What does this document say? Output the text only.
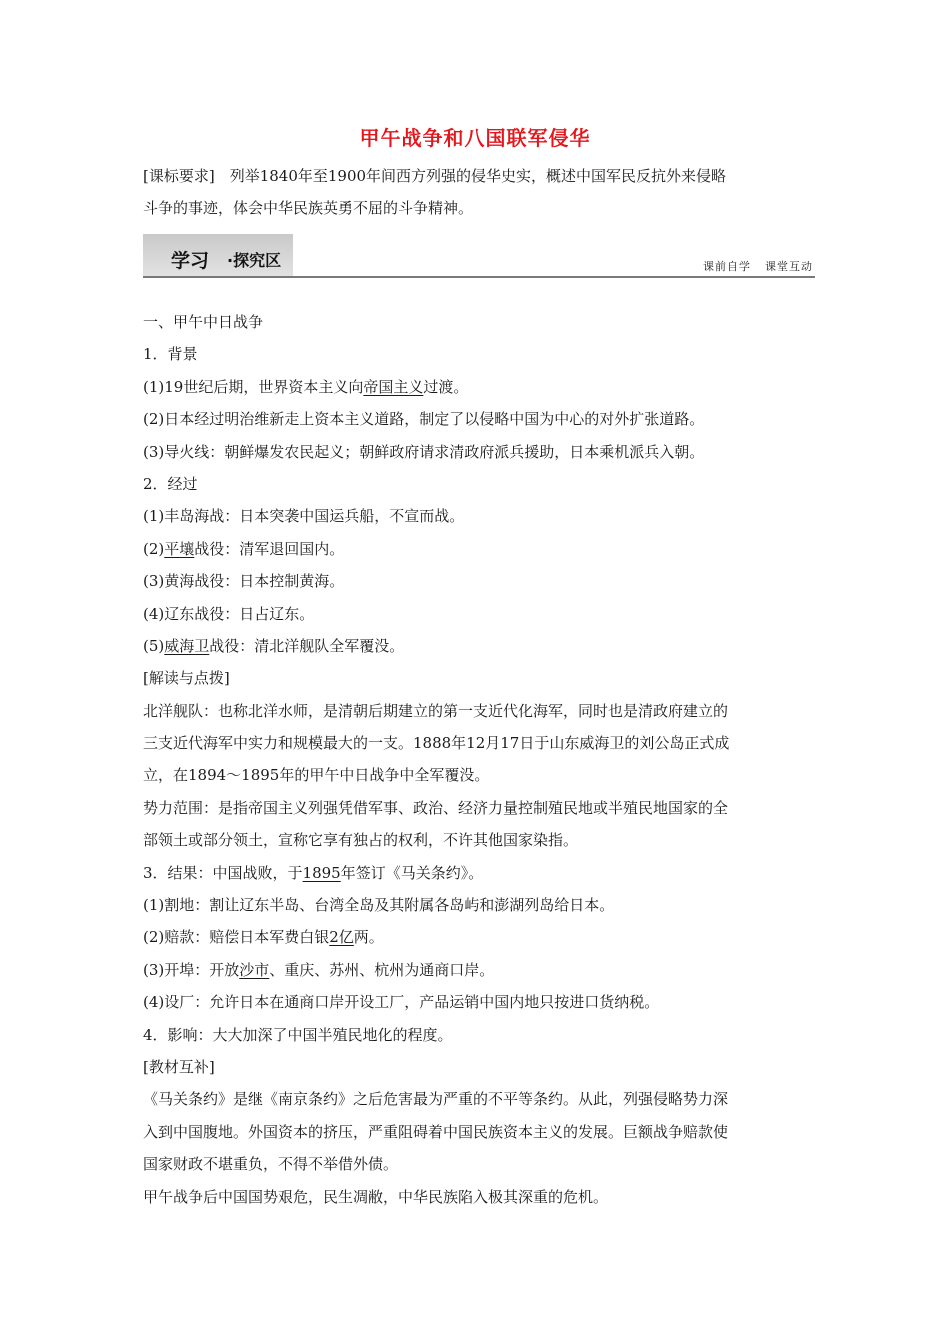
甲午战争和八国联军侵华
[课标要求]　列举1840年至1900年间西方列强的侵华史实，概述中国军民反抗外来侵略
斗争的事迹，体会中华民族英勇不屈的斗争精神。
学习 ·探究区	课前自学 课堂互动
一、甲午中日战争
1．背景
(1)19世纪后期，世界资本主义向帝国主义过渡。
(2)日本经过明治维新走上资本主义道路，制定了以侵略中国为中心的对外扩张道路。
(3)导火线：朝鲜爆发农民起义；朝鲜政府请求清政府派兵援助，日本乘机派兵入朝。
2．经过
(1)丰岛海战：日本突袭中国运兵船，不宣而战。
(2)平壤战役：清军退回国内。
(3)黄海战役：日本控制黄海。
(4)辽东战役：日占辽东。
(5)威海卫战役：清北洋舰队全军覆没。
[解读与点拨]
北洋舰队：也称北洋水师，是清朝后期建立的第一支近代化海军，同时也是清政府建立的
三支近代海军中实力和规模最大的一支。1888年12月17日于山东威海卫的刘公岛正式成
立，在1894～1895年的甲午中日战争中全军覆没。
势力范围：是指帝国主义列强凭借军事、政治、经济力量控制殖民地或半殖民地国家的全
部领土或部分领土，宣称它享有独占的权利，不许其他国家染指。
3．结果：中国战败，于1895年签订《马关条约》。
(1)割地：割让辽东半岛、台湾全岛及其附属各岛屿和澎湖列岛给日本。
(2)赔款：赔偿日本军费白银2亿两。
(3)开埠：开放沙市、重庆、苏州、杭州为通商口岸。
(4)设厂：允许日本在通商口岸开设工厂，产品运销中国内地只按进口货纳税。
4．影响：大大加深了中国半殖民地化的程度。
[教材互补]
《马关条约》是继《南京条约》之后危害最为严重的不平等条约。从此，列强侵略势力深
入到中国腹地。外国资本的挤压，严重阻碍着中国民族资本主义的发展。巨额战争赔款使
国家财政不堪重负，不得不举借外债。
甲午战争后中国国势艰危，民生凋敝，中华民族陷入极其深重的危机。
